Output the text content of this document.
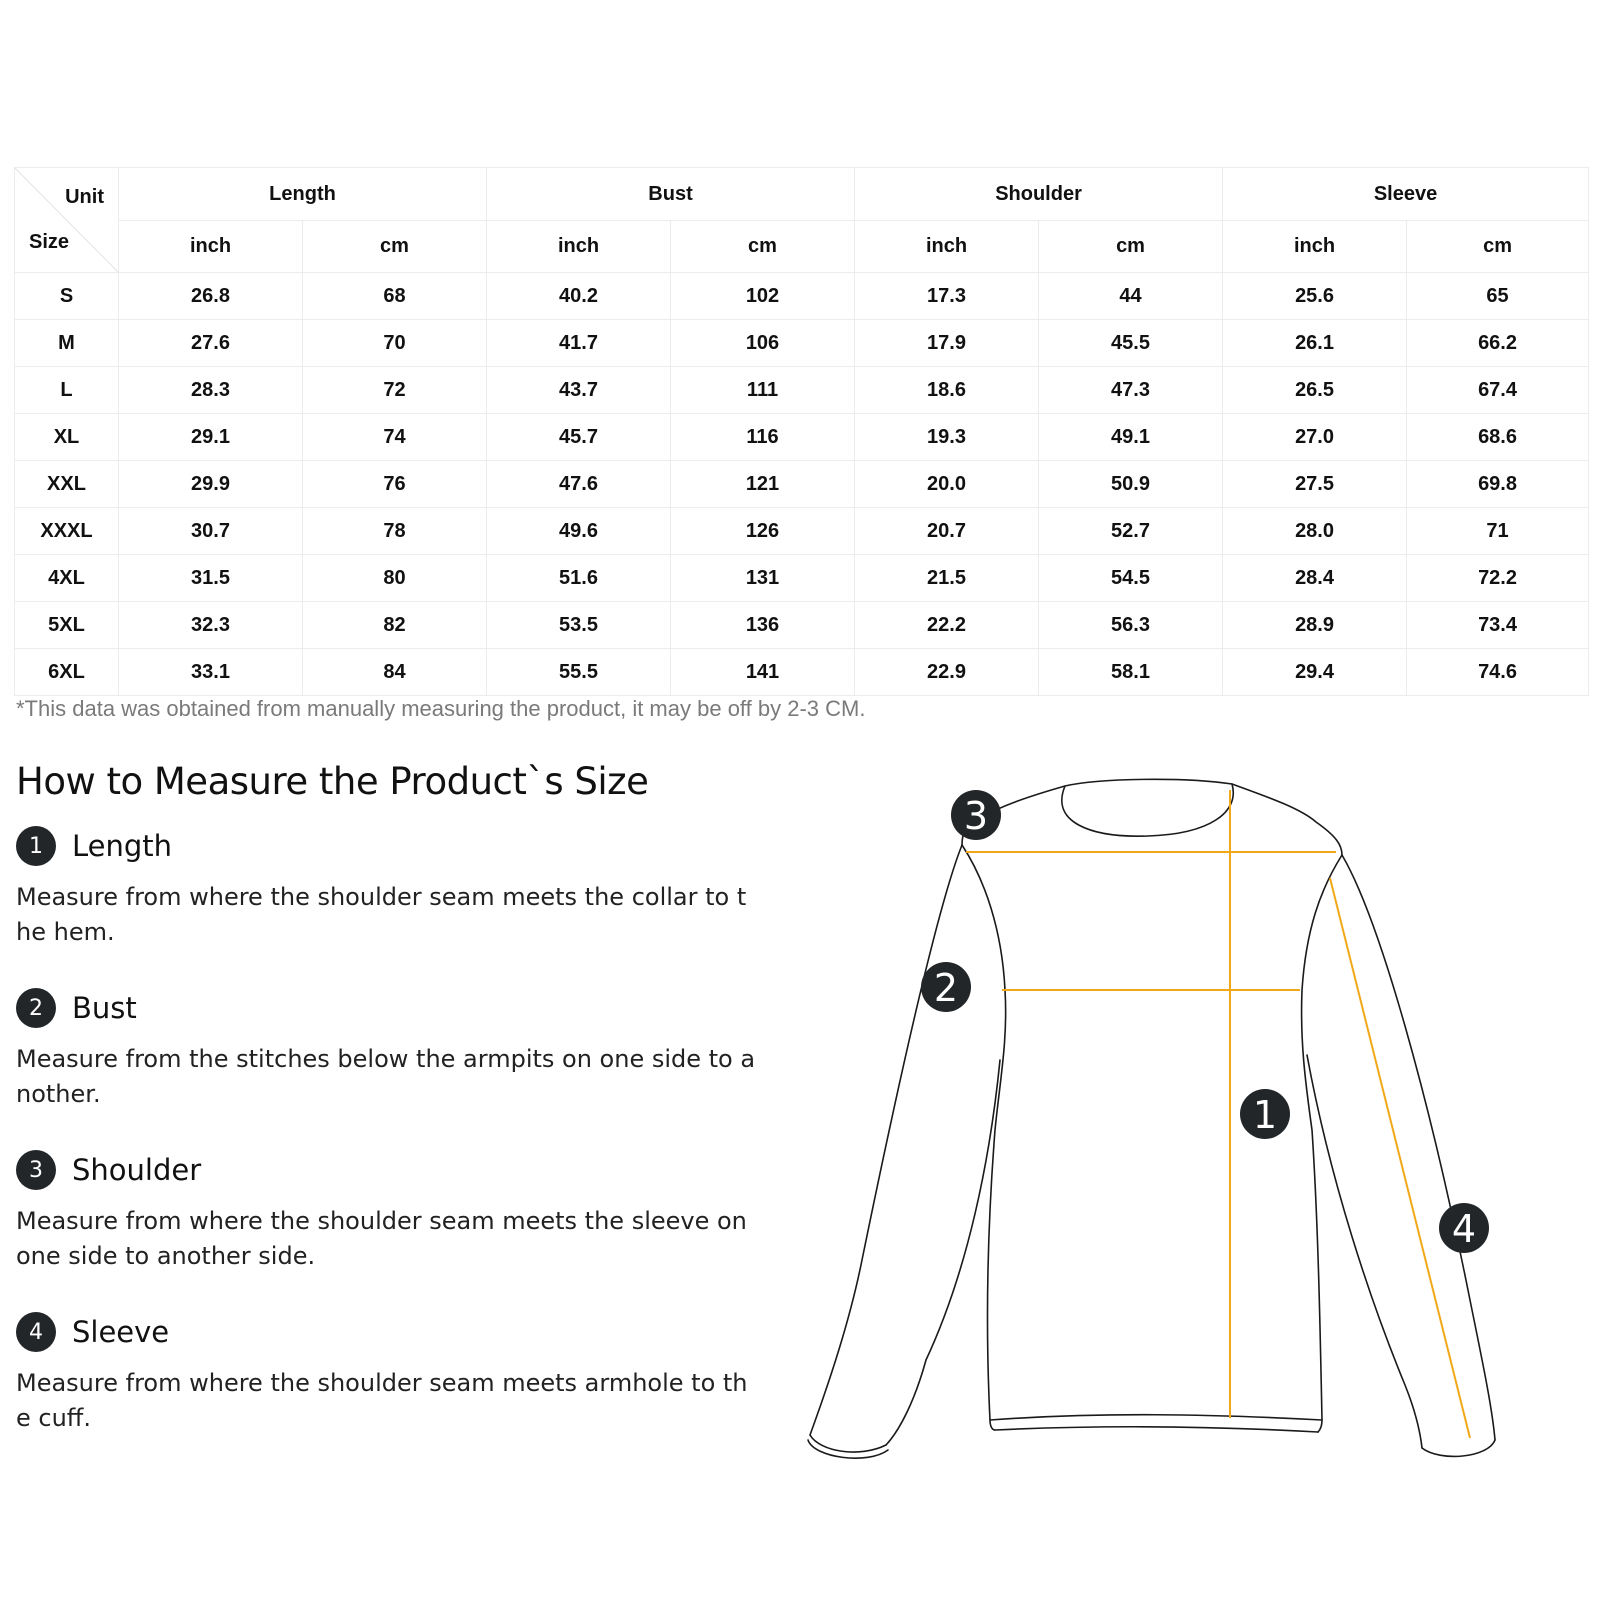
Unit
Size	Length		Bust		Shoulder		Sleeve	
	inch	cm	inch	cm	inch	cm	inch	cm
S	26.8	68	40.2	102	17.3	44	25.6	65
M	27.6	70	41.7	106	17.9	45.5	26.1	66.2
L	28.3	72	43.7	111	18.6	47.3	26.5	67.4
XL	29.1	74	45.7	116	19.3	49.1	27.0	68.6
XXL	29.9	76	47.6	121	20.0	50.9	27.5	69.8
XXXL	30.7	78	49.6	126	20.7	52.7	28.0	71
4XL	31.5	80	51.6	131	21.5	54.5	28.4	72.2
5XL	32.3	82	53.5	136	22.2	56.3	28.9	73.4
6XL	33.1	84	55.5	141	22.9	58.1	29.4	74.6
*This data was obtained from manually measuring the product, it may be off by 2-3 CM.
How to Measure the Product`s Size
1	Length
Measure from where the shoulder seam meets the collar to the hem.
2	Bust
Measure from the stitches below the armpits on one side to another.
3	Shoulder
Measure from where the shoulder seam meets the sleeve on one side to another side.
4	Sleeve
Measure from where the shoulder seam meets armhole to the cuff.
1
2
3
4
